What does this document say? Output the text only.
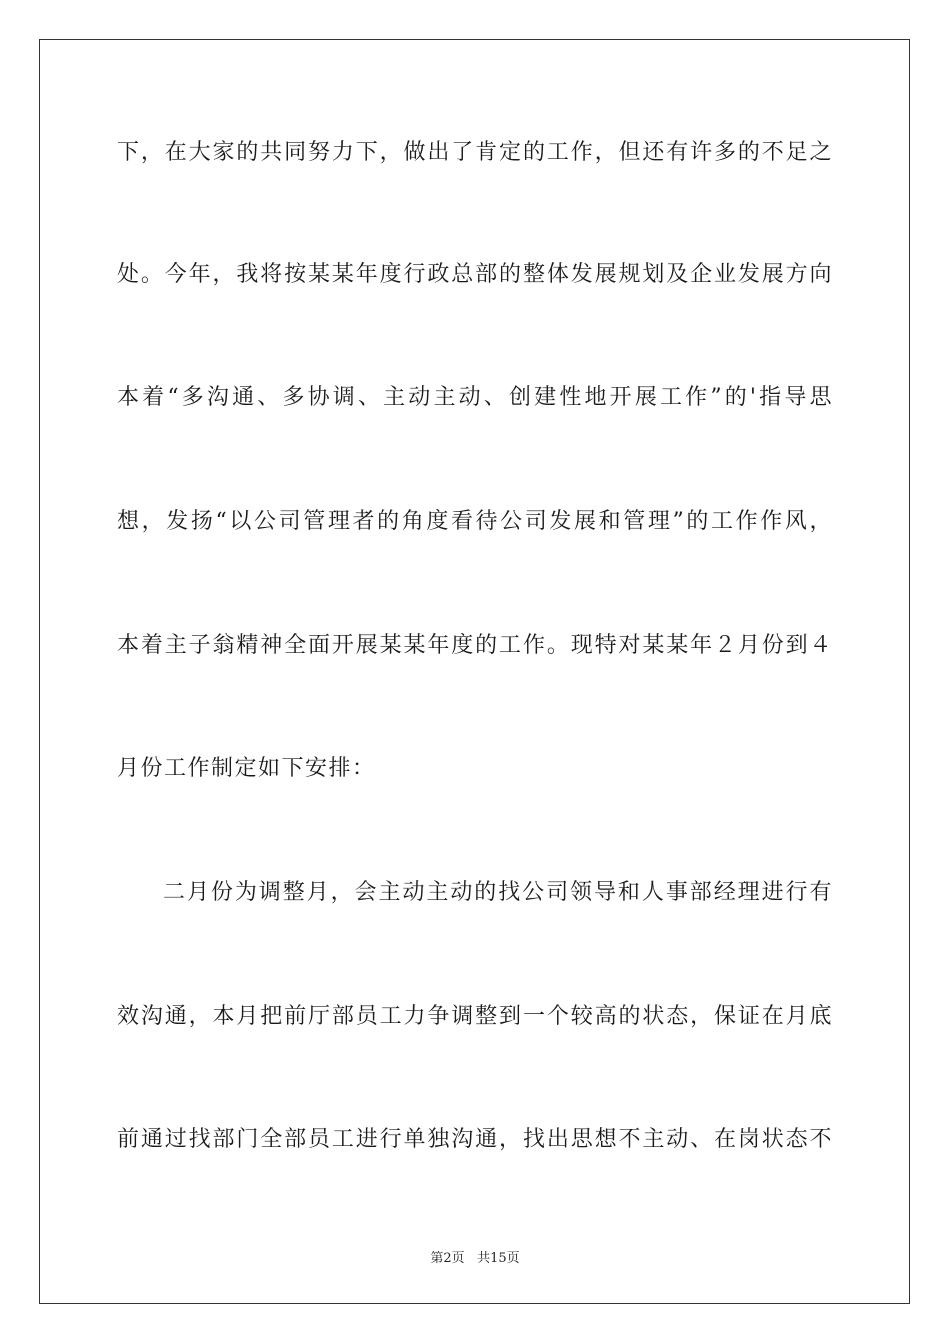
下，在大家的共同努力下，做出了肯定的工作，但还有许多的不足之
处。今年，我将按某某年度行政总部的整体发展规划及企业发展方向
本着“多沟通、多协调、主动主动、创建性地开展工作”的'指导思
想，发扬“以公司管理者的角度看待公司发展和管理”的工作作风，
本着主子翁精神全面开展某某年度的工作。现特对某某年２月份到４
月份工作制定如下安排：
二月份为调整月，会主动主动的找公司领导和人事部经理进行有
效沟通，本月把前厅部员工力争调整到一个较高的状态，保证在月底
前通过找部门全部员工进行单独沟通，找出思想不主动、在岗状态不
第2页 共15页
